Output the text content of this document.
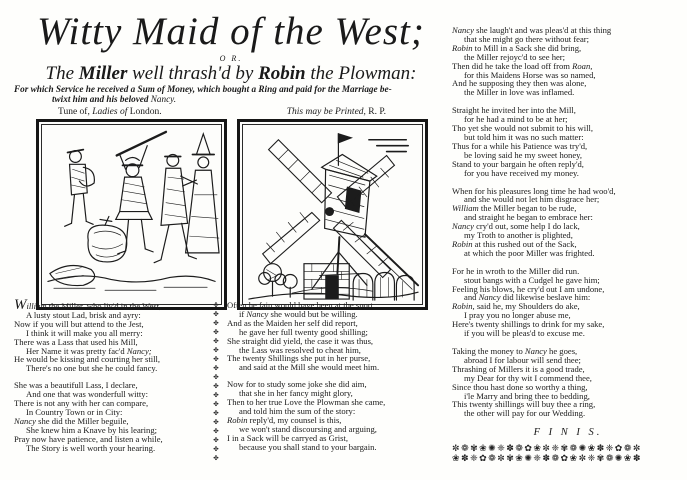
Witty Maid of the West;
O R.
The Miller well thrash'd by Robin the Plowman:

For which Service he received a Sum of Money, which bought a Ring and paid for the Marriage be-
twixt him and his beloved Nancy.

Tune of, Ladies of London.	This may be Printed, R. P.
William the Miller, who liv'd in the West,
A lusty stout Lad, brisk and ayry:
Now if you will but attend to the Jest,
I think it will make you all merry:
There was a Lass that used his Mill,
Her Name it was pretty fac'd Nancy;
He would be kissing and courting her still,
There's no one but she he could fancy.
She was a beautifull Lass, I declare,
And one that was wonderfull witty:
There is not any with her can compare,
In Country Town or in City:
Nancy she did the Miller beguile,
She knew him a Knave by his learing;
Pray now have patience, and listen a while,
The Story is well worth your hearing.
✤
✤
✤
✤
✤
✤
✤
✤
✤
✤
✤
✤
✤
✤
✤
✤
✤
✤
Often he fain would have been at the sport,
if Nancy she would but be willing.
And as the Maiden her self did report,
he gave her full twenty good shilling;
She straight did yield, the case it was thus,
the Lass was resolved to cheat him,
The twenty Shillings she put in her purse,
and said at the Mill she would meet him.
Now for to study some joke she did aim,
that she in her fancy might glory,
Then to her true Love the Plowman she came,
and told him the sum of the story:
Robin reply'd, my counsel is this,
we won't stand discoursing and arguing,
I in a Sack will be carryed as Grist,
because you shall stand to your bargain.
Nancy she laugh't and was pleas'd at this thing
that she might go there without fear;
Robin to Mill in a Sack she did bring,
the Miller rejoyc'd to see her;
Then did he take the load off from Roan,
for this Maidens Horse was so named,
And he supposing they then was alone,
the Miller in love was inflamed.
Straight he invited her into the Mill,
for he had a mind to be at her;
Tho yet she would not submit to his will,
but told him it was no such matter:
Thus for a while his Patience was try'd,
be loving said he my sweet honey,
Stand to your bargain he often reply'd,
for you have received my money.
When for his pleasures long time he had woo'd,
and she would not let him disgrace her;
William the Miller began to be rude,
and straight he began to embrace her:
Nancy cry'd out, some help I do lack,
my Troth to another is plighted,
Robin at this rushed out of the Sack,
at which the poor Miller was frighted.
For he in wroth to the Miller did run.
stout bangs with a Cudgel he gave him;
Feeling his blows, he cry'd out I am undone,
and Nancy did likewise beslave him:
Robin, said he, my Shoulders do ake,
I pray you no longer abuse me,
Here's twenty shillings to drink for my sake,
if you will be pleas'd to excuse me.
Taking the money to Nancy he goes,
abroad I for labour will send thee;
Thrashing of Millers it is a good trade,
my Dear for thy wit I commend thee,
Since thou hast done so worthy a thing,
i'le Marry and bring thee to bedding,
This twenty shillings will buy thee a ring,
the other will pay for our Wedding.
F I N I S.
✼❁✾❀✺❈✽❁✿❀✼❈✾❁✺❀✽❈✿❁✼
❀✽❈✿❁✼✾❀✺❈✽❁✿❀✼❈✾❁✺❀✽
